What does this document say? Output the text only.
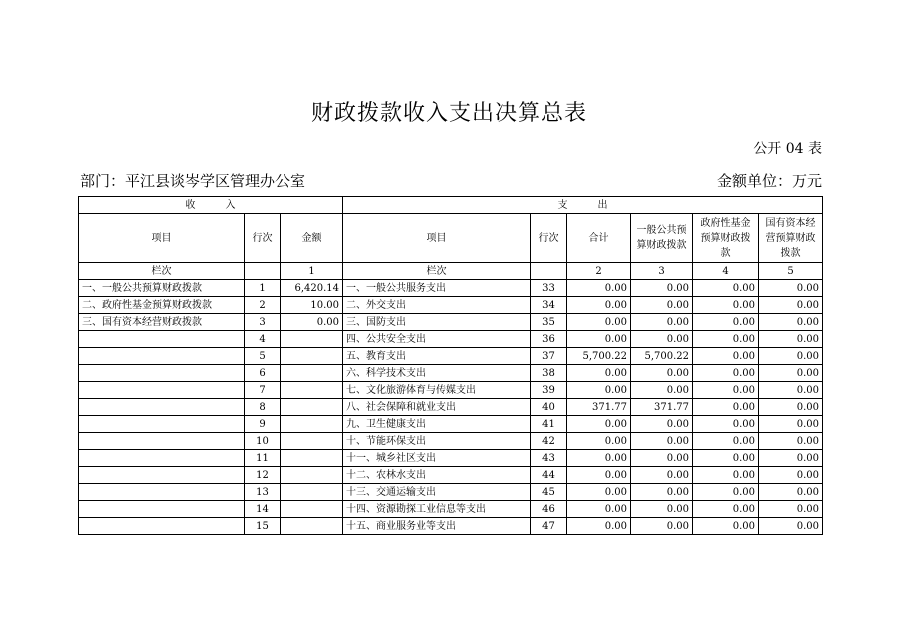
财政拨款收入支出决算总表
公开 04 表
部门：平江县谈岑学区管理办公室	金额单位：万元
收　　　入			支　　　出					
项目	行次	金额	项目	行次	合计	一般公共预算财政拨款	政府性基金预算财政拨款	国有资本经营预算财政拨款
栏次		1	栏次		2	3	4	5
一、一般公共预算财政拨款	1	6,420.14	一、一般公共服务支出	33	0.00	0.00	0.00	0.00
二、政府性基金预算财政拨款	2	10.00	二、外交支出	34	0.00	0.00	0.00	0.00
三、国有资本经营财政拨款	3	0.00	三、国防支出	35	0.00	0.00	0.00	0.00
	4		四、公共安全支出	36	0.00	0.00	0.00	0.00
	5		五、教育支出	37	5,700.22	5,700.22	0.00	0.00
	6		六、科学技术支出	38	0.00	0.00	0.00	0.00
	7		七、文化旅游体育与传媒支出	39	0.00	0.00	0.00	0.00
	8		八、社会保障和就业支出	40	371.77	371.77	0.00	0.00
	9		九、卫生健康支出	41	0.00	0.00	0.00	0.00
	10		十、节能环保支出	42	0.00	0.00	0.00	0.00
	11		十一、城乡社区支出	43	0.00	0.00	0.00	0.00
	12		十二、农林水支出	44	0.00	0.00	0.00	0.00
	13		十三、交通运输支出	45	0.00	0.00	0.00	0.00
	14		十四、资源勘探工业信息等支出	46	0.00	0.00	0.00	0.00
	15		十五、商业服务业等支出	47	0.00	0.00	0.00	0.00
